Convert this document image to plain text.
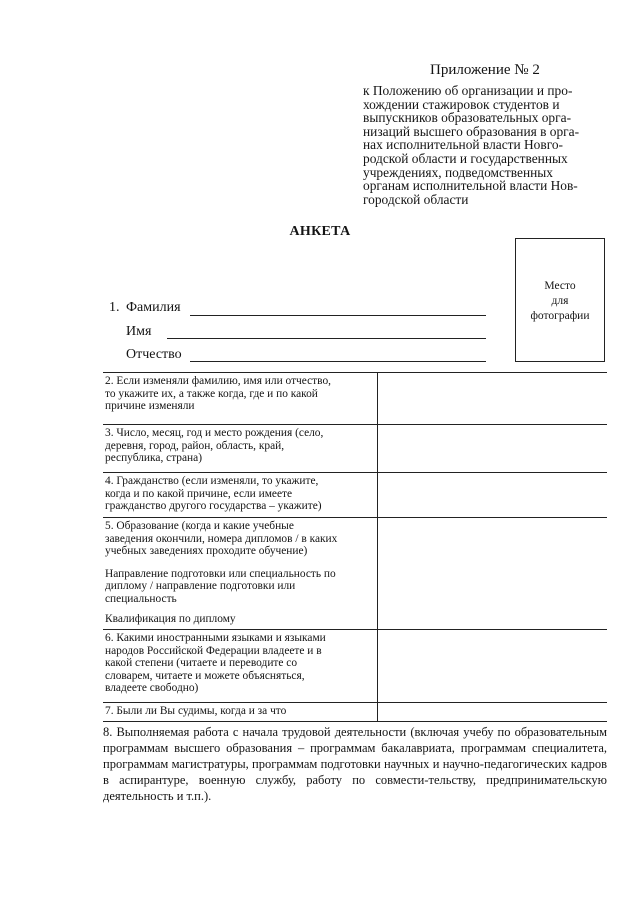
Приложение № 2
к Положению об организации и про-
хождении стажировок студентов и
выпускников образовательных орга-
низаций высшего образования в орга-
нах исполнительной власти Новго-
родской области и государственных
учреждениях, подведомственных
органам исполнительной власти Нов-
городской области
АНКЕТА
Место
для
фотографии
1. Фамилия
Имя
Отчество
2. Если изменяли фамилию, имя или отчество,
то укажите их, а также когда, где и по какой
причине изменяли	

3. Число, месяц, год и место рождения (село,
деревня, город, район, область, край,
республика, страна)	

4. Гражданство (если изменяли, то укажите,
когда и по какой причине, если имеете
гражданство другого государства – укажите)	

5. Образование (когда и какие учебные
заведения окончили, номера дипломов / в каких
учебных заведениях проходите обучение)	

Направление подготовки или специальность по
диплому / направление подготовки или
специальность	

Квалификация по диплому	

6. Какими иностранными языками и языками
народов Российской Федерации владеете и в
какой степени (читаете и переводите со
словарем, читаете и можете объясняться,
владеете свободно)	

7. Были ли Вы судимы, когда и за что	

8. Выполняемая работа с начала трудовой деятельности (включая учебу по образовательным программам высшего образования – программам бакалавриата, программам специалитета, программам магистратуры, программам подготовки научных и научно-педагогических кадров в аспирантуре, военную службу, работу по совмести-тельству, предпринимательскую деятельность и т.п.).
